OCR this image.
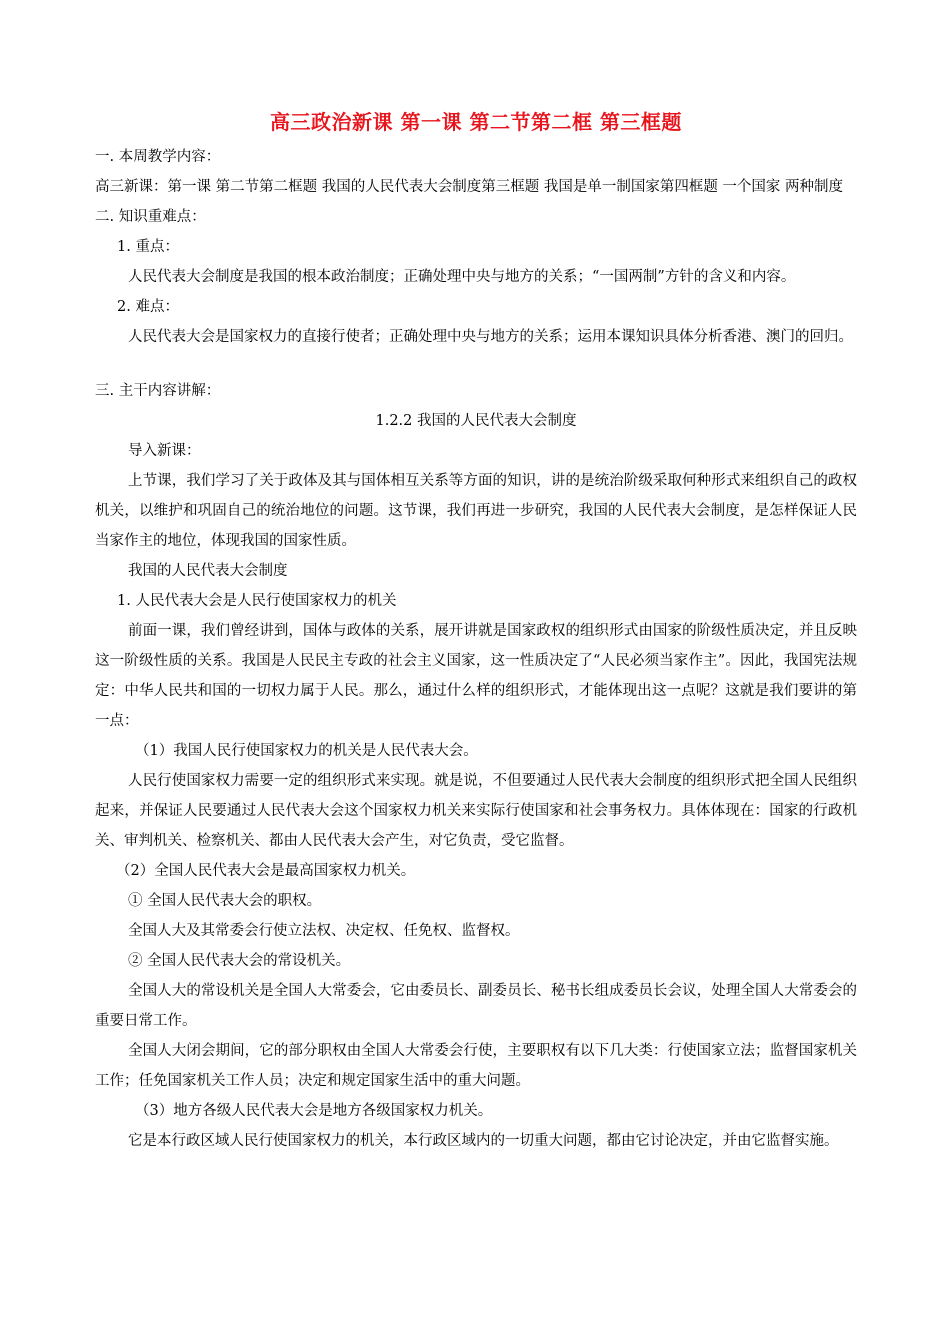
高三政治新课 第一课 第二节第二框 第三框题

一. 本周教学内容：

高三新课：第一课 第二节第二框题 我国的人民代表大会制度第三框题 我国是单一制国家第四框题 一个国家 两种制度

二. 知识重难点：

1. 重点：

人民代表大会制度是我国的根本政治制度；正确处理中央与地方的关系；“一国两制”方针的含义和内容。

2. 难点：

人民代表大会是国家权力的直接行使者；正确处理中央与地方的关系；运用本课知识具体分析香港、澳门的回归。

三. 主干内容讲解：

1.2.2 我国的人民代表大会制度

导入新课：

上节课，我们学习了关于政体及其与国体相互关系等方面的知识，讲的是统治阶级采取何种形式来组织自己的政权机关，以维护和巩固自己的统治地位的问题。这节课，我们再进一步研究，我国的人民代表大会制度，是怎样保证人民当家作主的地位，体现我国的国家性质。

我国的人民代表大会制度

1. 人民代表大会是人民行使国家权力的机关

前面一课，我们曾经讲到，国体与政体的关系，展开讲就是国家政权的组织形式由国家的阶级性质决定，并且反映这一阶级性质的关系。我国是人民民主专政的社会主义国家，这一性质决定了“人民必须当家作主”。因此，我国宪法规定：中华人民共和国的一切权力属于人民。那么，通过什么样的组织形式，才能体现出这一点呢？这就是我们要讲的第一点：

（1）我国人民行使国家权力的机关是人民代表大会。

人民行使国家权力需要一定的组织形式来实现。就是说，不但要通过人民代表大会制度的组织形式把全国人民组织起来，并保证人民要通过人民代表大会这个国家权力机关来实际行使国家和社会事务权力。具体体现在：国家的行政机关、审判机关、检察机关、都由人民代表大会产生，对它负责，受它监督。

（2）全国人民代表大会是最高国家权力机关。

① 全国人民代表大会的职权。

全国人大及其常委会行使立法权、决定权、任免权、监督权。

② 全国人民代表大会的常设机关。

全国人大的常设机关是全国人大常委会，它由委员长、副委员长、秘书长组成委员长会议，处理全国人大常委会的重要日常工作。

全国人大闭会期间，它的部分职权由全国人大常委会行使，主要职权有以下几大类：行使国家立法；监督国家机关工作；任免国家机关工作人员；决定和规定国家生活中的重大问题。

（3）地方各级人民代表大会是地方各级国家权力机关。

它是本行政区域人民行使国家权力的机关，本行政区域内的一切重大问题，都由它讨论决定，并由它监督实施。
